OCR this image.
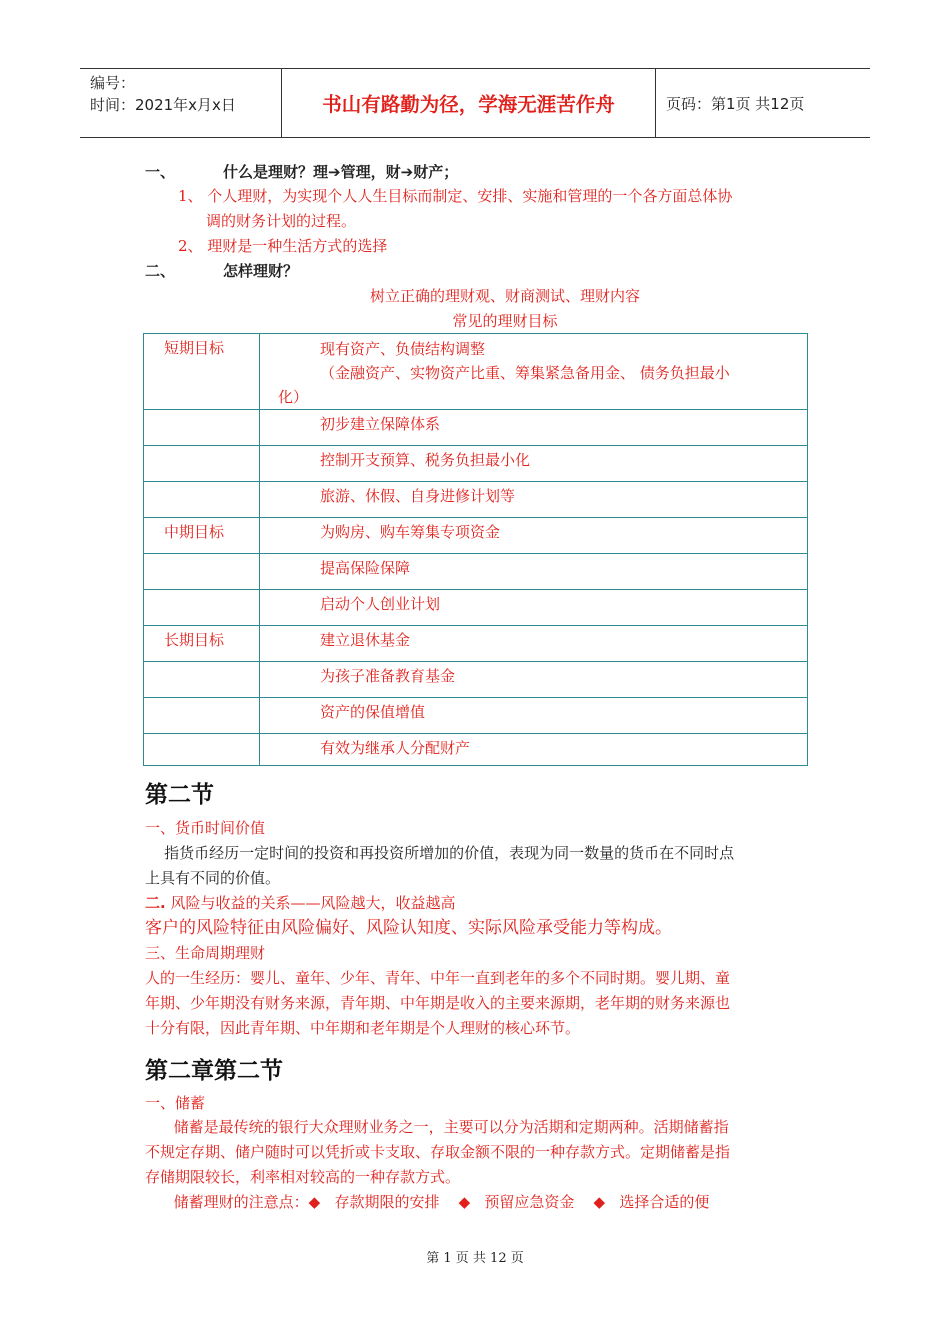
编号：
时间：2021年x月x日	书山有路勤为径，学海无涯苦作舟	页码：第1页 共12页
一、	什么是理财？理➔管理，财➔财产；
1、 个人理财，为实现个人人生目标而制定、安排、实施和管理的一个各方面总体协
调的财务计划的过程。
2、 理财是一种生活方式的选择
二、	怎样理财？
树立正确的理财观、财商测试、理财内容
常见的理财目标
短期目标	现有资产、负债结构调整
（金融资产、实物资产比重、筹集紧急备用金、 债务负担最小
化）

	初步建立保障体系
	控制开支预算、税务负担最小化
	旅游、休假、自身进修计划等
中期目标	为购房、购车筹集专项资金
	提高保险保障
	启动个人创业计划
长期目标	建立退休基金
	为孩子准备教育基金
	资产的保值增值
	有效为继承人分配财产
第二节
一、货币时间价值
指货币经历一定时间的投资和再投资所增加的价值，表现为同一数量的货币在不同时点
上具有不同的价值。
二. 风险与收益的关系——风险越大，收益越高
客户的风险特征由风险偏好、风险认知度、实际风险承受能力等构成。
三、生命周期理财
人的一生经历：婴儿、童年、少年、青年、中年一直到老年的多个不同时期。婴儿期、童
年期、少年期没有财务来源，青年期、中年期是收入的主要来源期，老年期的财务来源也
十分有限，因此青年期、中年期和老年期是个人理财的核心环节。
第二章第二节
一、储蓄
储蓄是最传统的银行大众理财业务之一，主要可以分为活期和定期两种。活期储蓄指
不规定存期、储户随时可以凭折或卡支取、存取金额不限的一种存款方式。定期储蓄是指
存储期限较长，利率相对较高的一种存款方式。
储蓄理财的注意点：◆ 存款期限的安排 ◆ 预留应急资金 ◆ 选择合适的便
第 1 页 共 12 页
